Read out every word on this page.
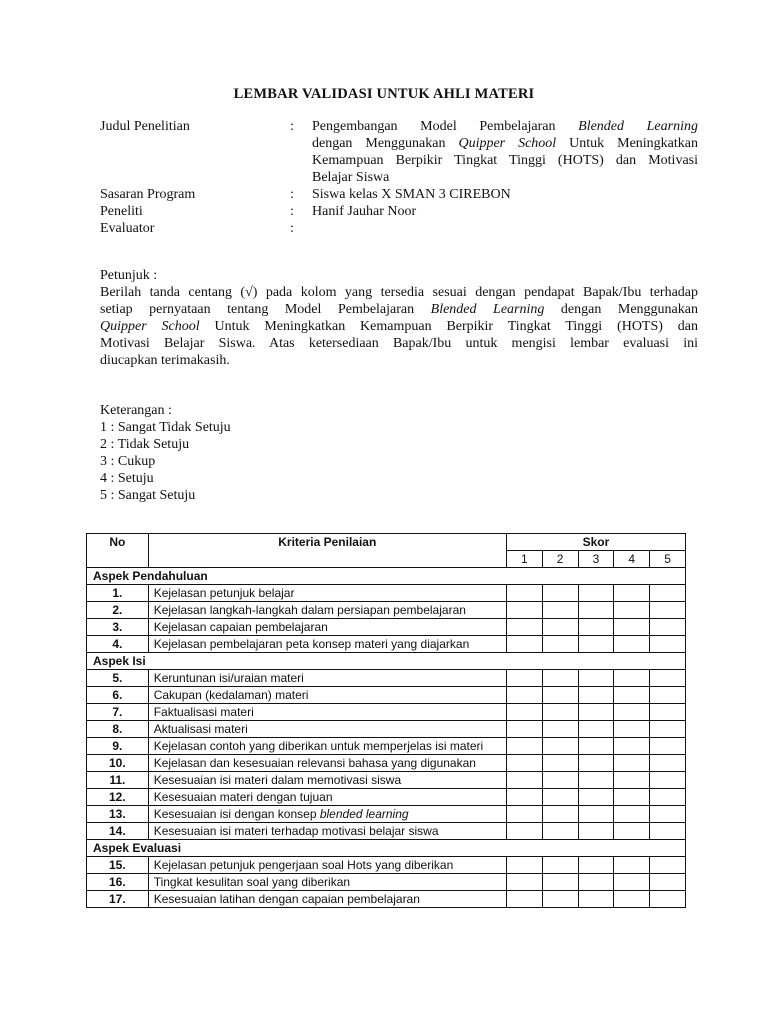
LEMBAR VALIDASI UNTUK AHLI MATERI
Judul Penelitian	:	Pengembangan Model Pembelajaran Blended Learning
dengan Menggunakan Quipper School Untuk Meningkatkan
Kemampuan Berpikir Tingkat Tinggi (HOTS) dan Motivasi
Belajar Siswa
Sasaran Program	:	Siswa kelas X SMAN 3 CIREBON
Peneliti	:	Hanif Jauhar Noor
Evaluator	:
Petunjuk :
Berilah tanda centang (√) pada kolom yang tersedia sesuai dengan pendapat Bapak/Ibu terhadap
setiap pernyataan tentang Model Pembelajaran Blended Learning dengan Menggunakan
Quipper School Untuk Meningkatkan Kemampuan Berpikir Tingkat Tinggi (HOTS) dan
Motivasi Belajar Siswa. Atas ketersediaan Bapak/Ibu untuk mengisi lembar evaluasi ini
diucapkan terimakasih.
Keterangan :
1 : Sangat Tidak Setuju
2 : Tidak Setuju
3 : Cukup
4 : Setuju
5 : Sangat Setuju
No	Kriteria Penilaian	Skor				
		1	2	3	4	5
Aspek Pendahuluan						
1.	Kejelasan petunjuk belajar					
2.	Kejelasan langkah-langkah dalam persiapan pembelajaran					
3.	Kejelasan capaian pembelajaran					
4.	Kejelasan pembelajaran peta konsep materi yang diajarkan					
Aspek Isi						
5.	Keruntunan isi/uraian materi					
6.	Cakupan (kedalaman) materi					
7.	Faktualisasi materi					
8.	Aktualisasi materi					
9.	Kejelasan contoh yang diberikan untuk memperjelas isi materi					
10.	Kejelasan dan kesesuaian relevansi bahasa yang digunakan					
11.	Kesesuaian isi materi dalam memotivasi siswa					
12.	Kesesuaian materi dengan tujuan					
13.	Kesesuaian isi dengan konsep blended learning					
14.	Kesesuaian isi materi terhadap motivasi belajar siswa					
Aspek Evaluasi						
15.	Kejelasan petunjuk pengerjaan soal Hots yang diberikan					
16.	Tingkat kesulitan soal yang diberikan					
17.	Kesesuaian latihan dengan capaian pembelajaran					
